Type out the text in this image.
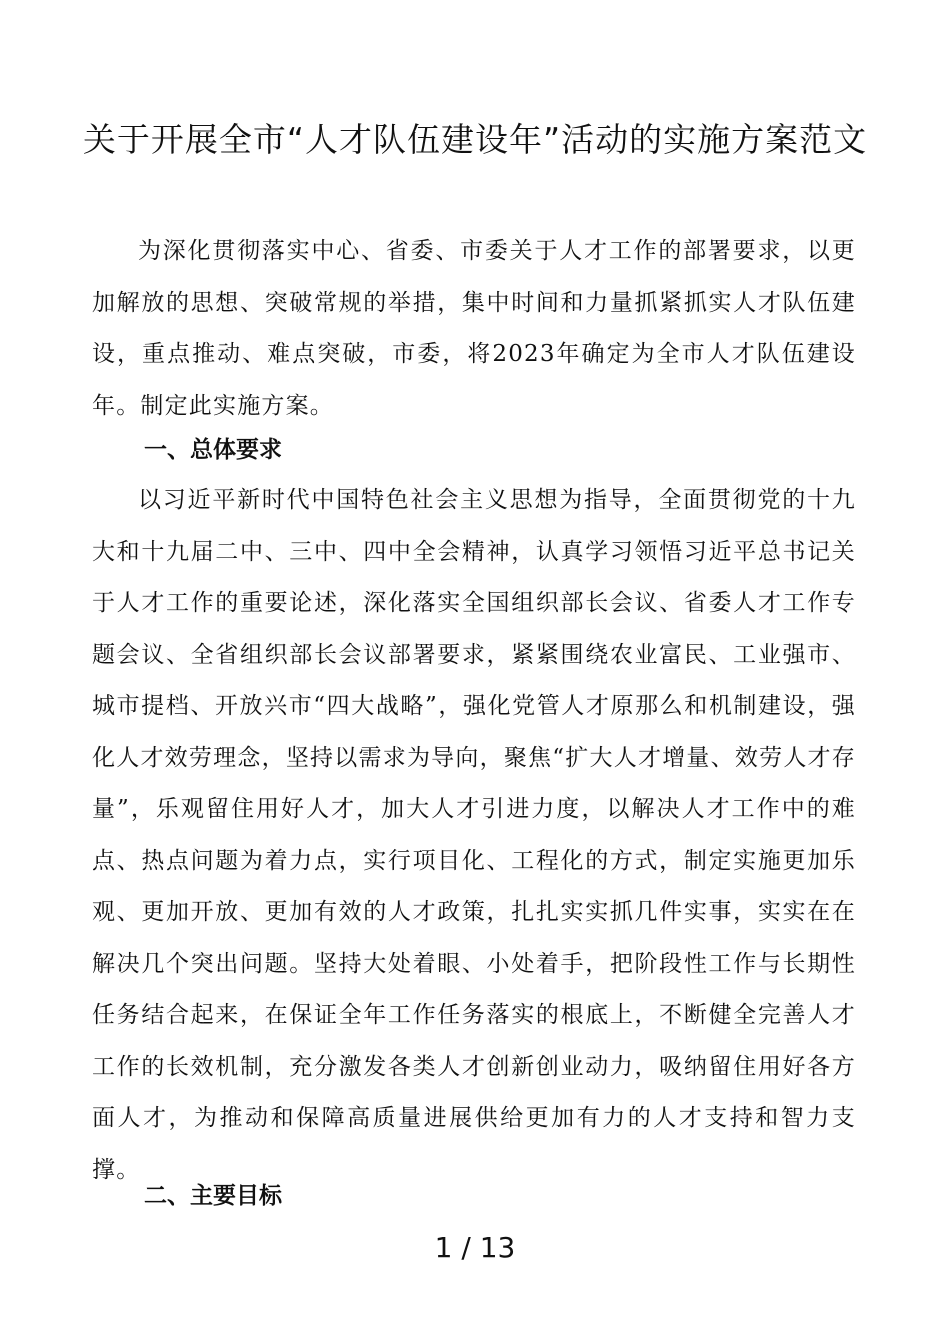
关于开展全市“人才队伍建设年”活动的实施方案范文

为深化贯彻落实中心、省委、市委关于人才工作的部署要求，以更加解放的思想、突破常规的举措，集中时间和力量抓紧抓实人才队伍建设，重点推动、难点突破，市委，将2023年确定为全市人才队伍建设年。制定此实施方案。

一、总体要求

以习近平新时代中国特色社会主义思想为指导，全面贯彻党的十九大和十九届二中、三中、四中全会精神，认真学习领悟习近平总书记关于人才工作的重要论述，深化落实全国组织部长会议、省委人才工作专题会议、全省组织部长会议部署要求，紧紧围绕农业富民、工业强市、城市提档、开放兴市“四大战略”，强化党管人才原那么和机制建设，强化人才效劳理念，坚持以需求为导向，聚焦“扩大人才增量、效劳人才存量”，乐观留住用好人才，加大人才引进力度，以解决人才工作中的难点、热点问题为着力点，实行项目化、工程化的方式，制定实施更加乐观、更加开放、更加有效的人才政策，扎扎实实抓几件实事，实实在在解决几个突出问题。坚持大处着眼、小处着手，把阶段性工作与长期性任务结合起来，在保证全年工作任务落实的根底上，不断健全完善人才工作的长效机制，充分激发各类人才创新创业动力，吸纳留住用好各方面人才，为推动和保障高质量进展供给更加有力的人才支持和智力支撑。

二、主要目标
1 / 13
